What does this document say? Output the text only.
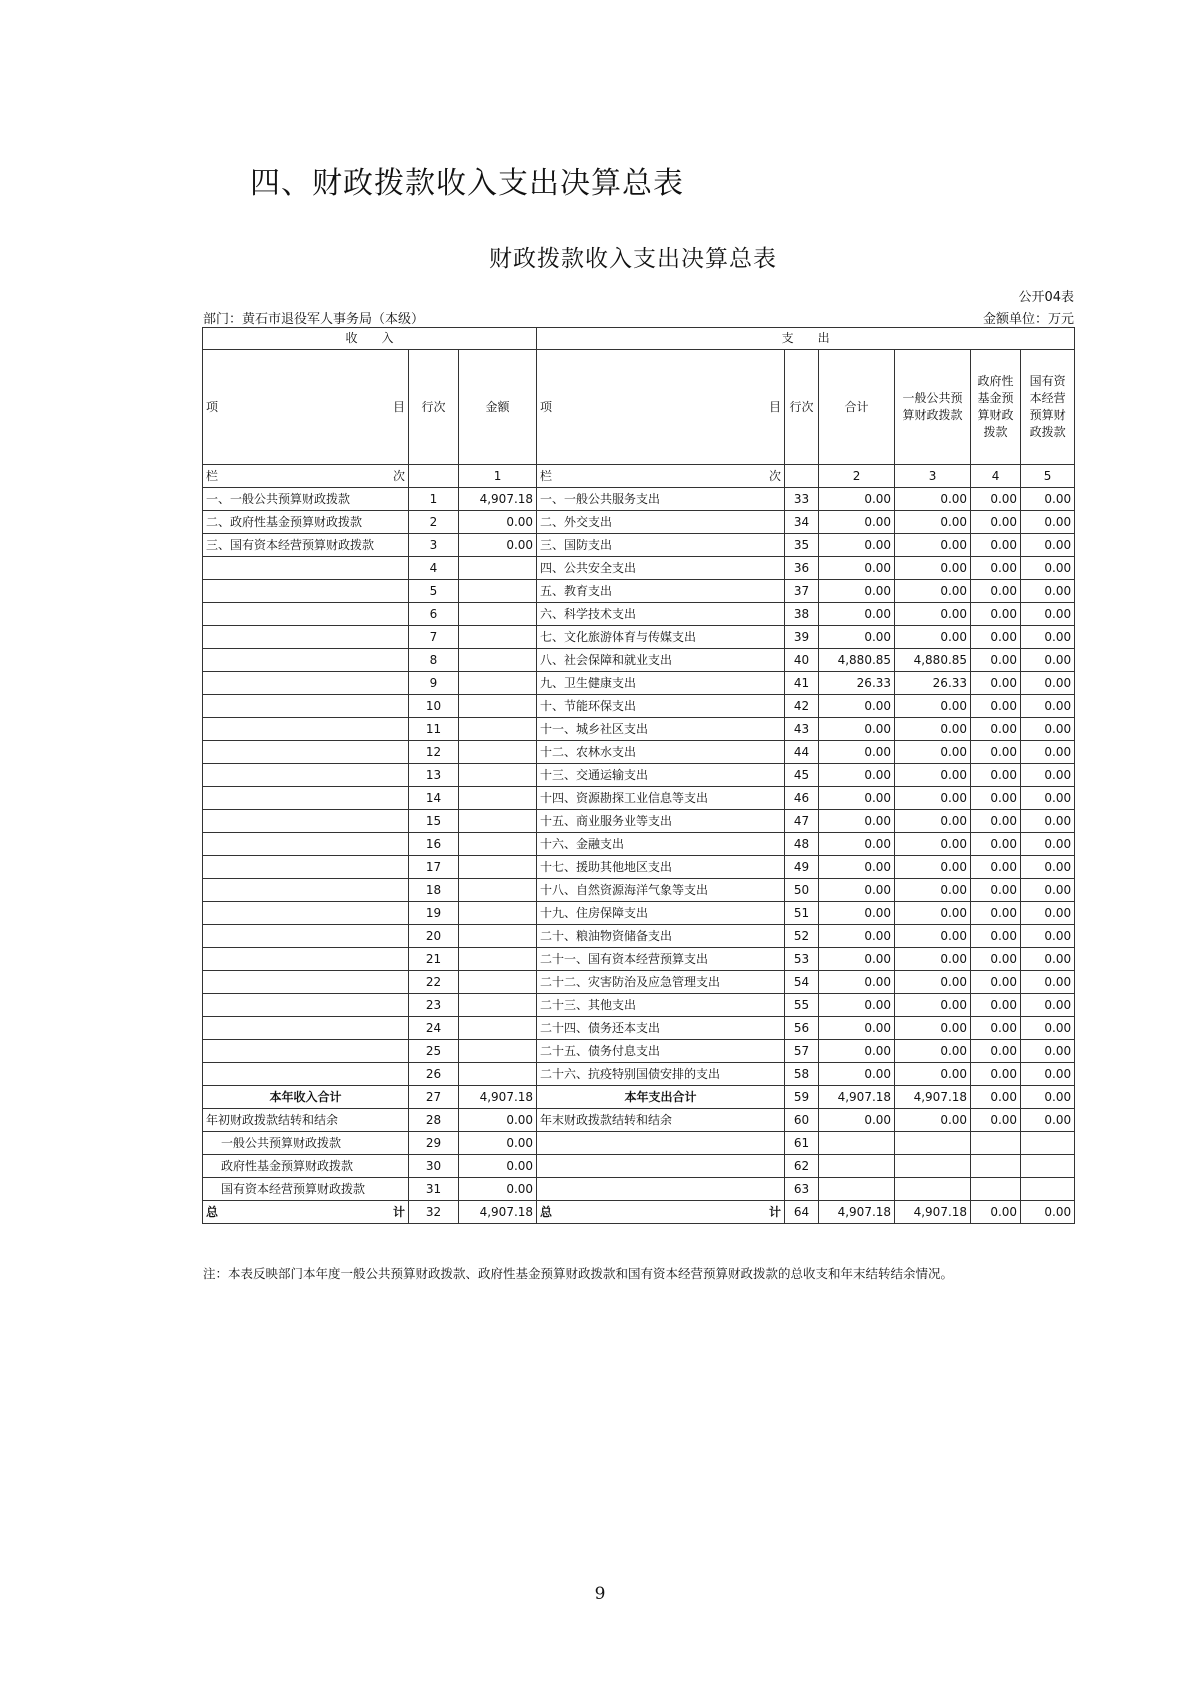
四、财政拨款收入支出决算总表
财政拨款收入支出决算总表
公开04表
部门：黄石市退役军人事务局（本级）	金额单位：万元
收　　入			支　　出					

项 目	行次	金额	项 目	行次	合计	一般公共预算财政拨款	政府性基金预算财政拨款	国有资本经营预算财政拨款

栏 次		1	栏 次		2	3	4	5
一、一般公共预算财政拨款	1	4,907.18	一、一般公共服务支出	33	0.00	0.00	0.00	0.00
二、政府性基金预算财政拨款	2	0.00	二、外交支出	34	0.00	0.00	0.00	0.00
三、国有资本经营预算财政拨款	3	0.00	三、国防支出	35	0.00	0.00	0.00	0.00
	4		四、公共安全支出	36	0.00	0.00	0.00	0.00
	5		五、教育支出	37	0.00	0.00	0.00	0.00
	6		六、科学技术支出	38	0.00	0.00	0.00	0.00
	7		七、文化旅游体育与传媒支出	39	0.00	0.00	0.00	0.00
	8		八、社会保障和就业支出	40	4,880.85	4,880.85	0.00	0.00
	9		九、卫生健康支出	41	26.33	26.33	0.00	0.00
	10		十、节能环保支出	42	0.00	0.00	0.00	0.00
	11		十一、城乡社区支出	43	0.00	0.00	0.00	0.00
	12		十二、农林水支出	44	0.00	0.00	0.00	0.00
	13		十三、交通运输支出	45	0.00	0.00	0.00	0.00
	14		十四、资源勘探工业信息等支出	46	0.00	0.00	0.00	0.00
	15		十五、商业服务业等支出	47	0.00	0.00	0.00	0.00
	16		十六、金融支出	48	0.00	0.00	0.00	0.00
	17		十七、援助其他地区支出	49	0.00	0.00	0.00	0.00
	18		十八、自然资源海洋气象等支出	50	0.00	0.00	0.00	0.00
	19		十九、住房保障支出	51	0.00	0.00	0.00	0.00
	20		二十、粮油物资储备支出	52	0.00	0.00	0.00	0.00
	21		二十一、国有资本经营预算支出	53	0.00	0.00	0.00	0.00
	22		二十二、灾害防治及应急管理支出	54	0.00	0.00	0.00	0.00
	23		二十三、其他支出	55	0.00	0.00	0.00	0.00
	24		二十四、债务还本支出	56	0.00	0.00	0.00	0.00
	25		二十五、债务付息支出	57	0.00	0.00	0.00	0.00
	26		二十六、抗疫特别国债安排的支出	58	0.00	0.00	0.00	0.00
本年收入合计	27	4,907.18	本年支出合计	59	4,907.18	4,907.18	0.00	0.00
年初财政拨款结转和结余	28	0.00	年末财政拨款结转和结余	60	0.00	0.00	0.00	0.00
一般公共预算财政拨款	29	0.00		61				
政府性基金预算财政拨款	30	0.00		62				
国有资本经营预算财政拨款	31	0.00		63				

总 计	32	4,907.18	总 计	64	4,907.18	4,907.18	0.00	0.00
注：本表反映部门本年度一般公共预算财政拨款、政府性基金预算财政拨款和国有资本经营预算财政拨款的总收支和年末结转结余情况。
9
